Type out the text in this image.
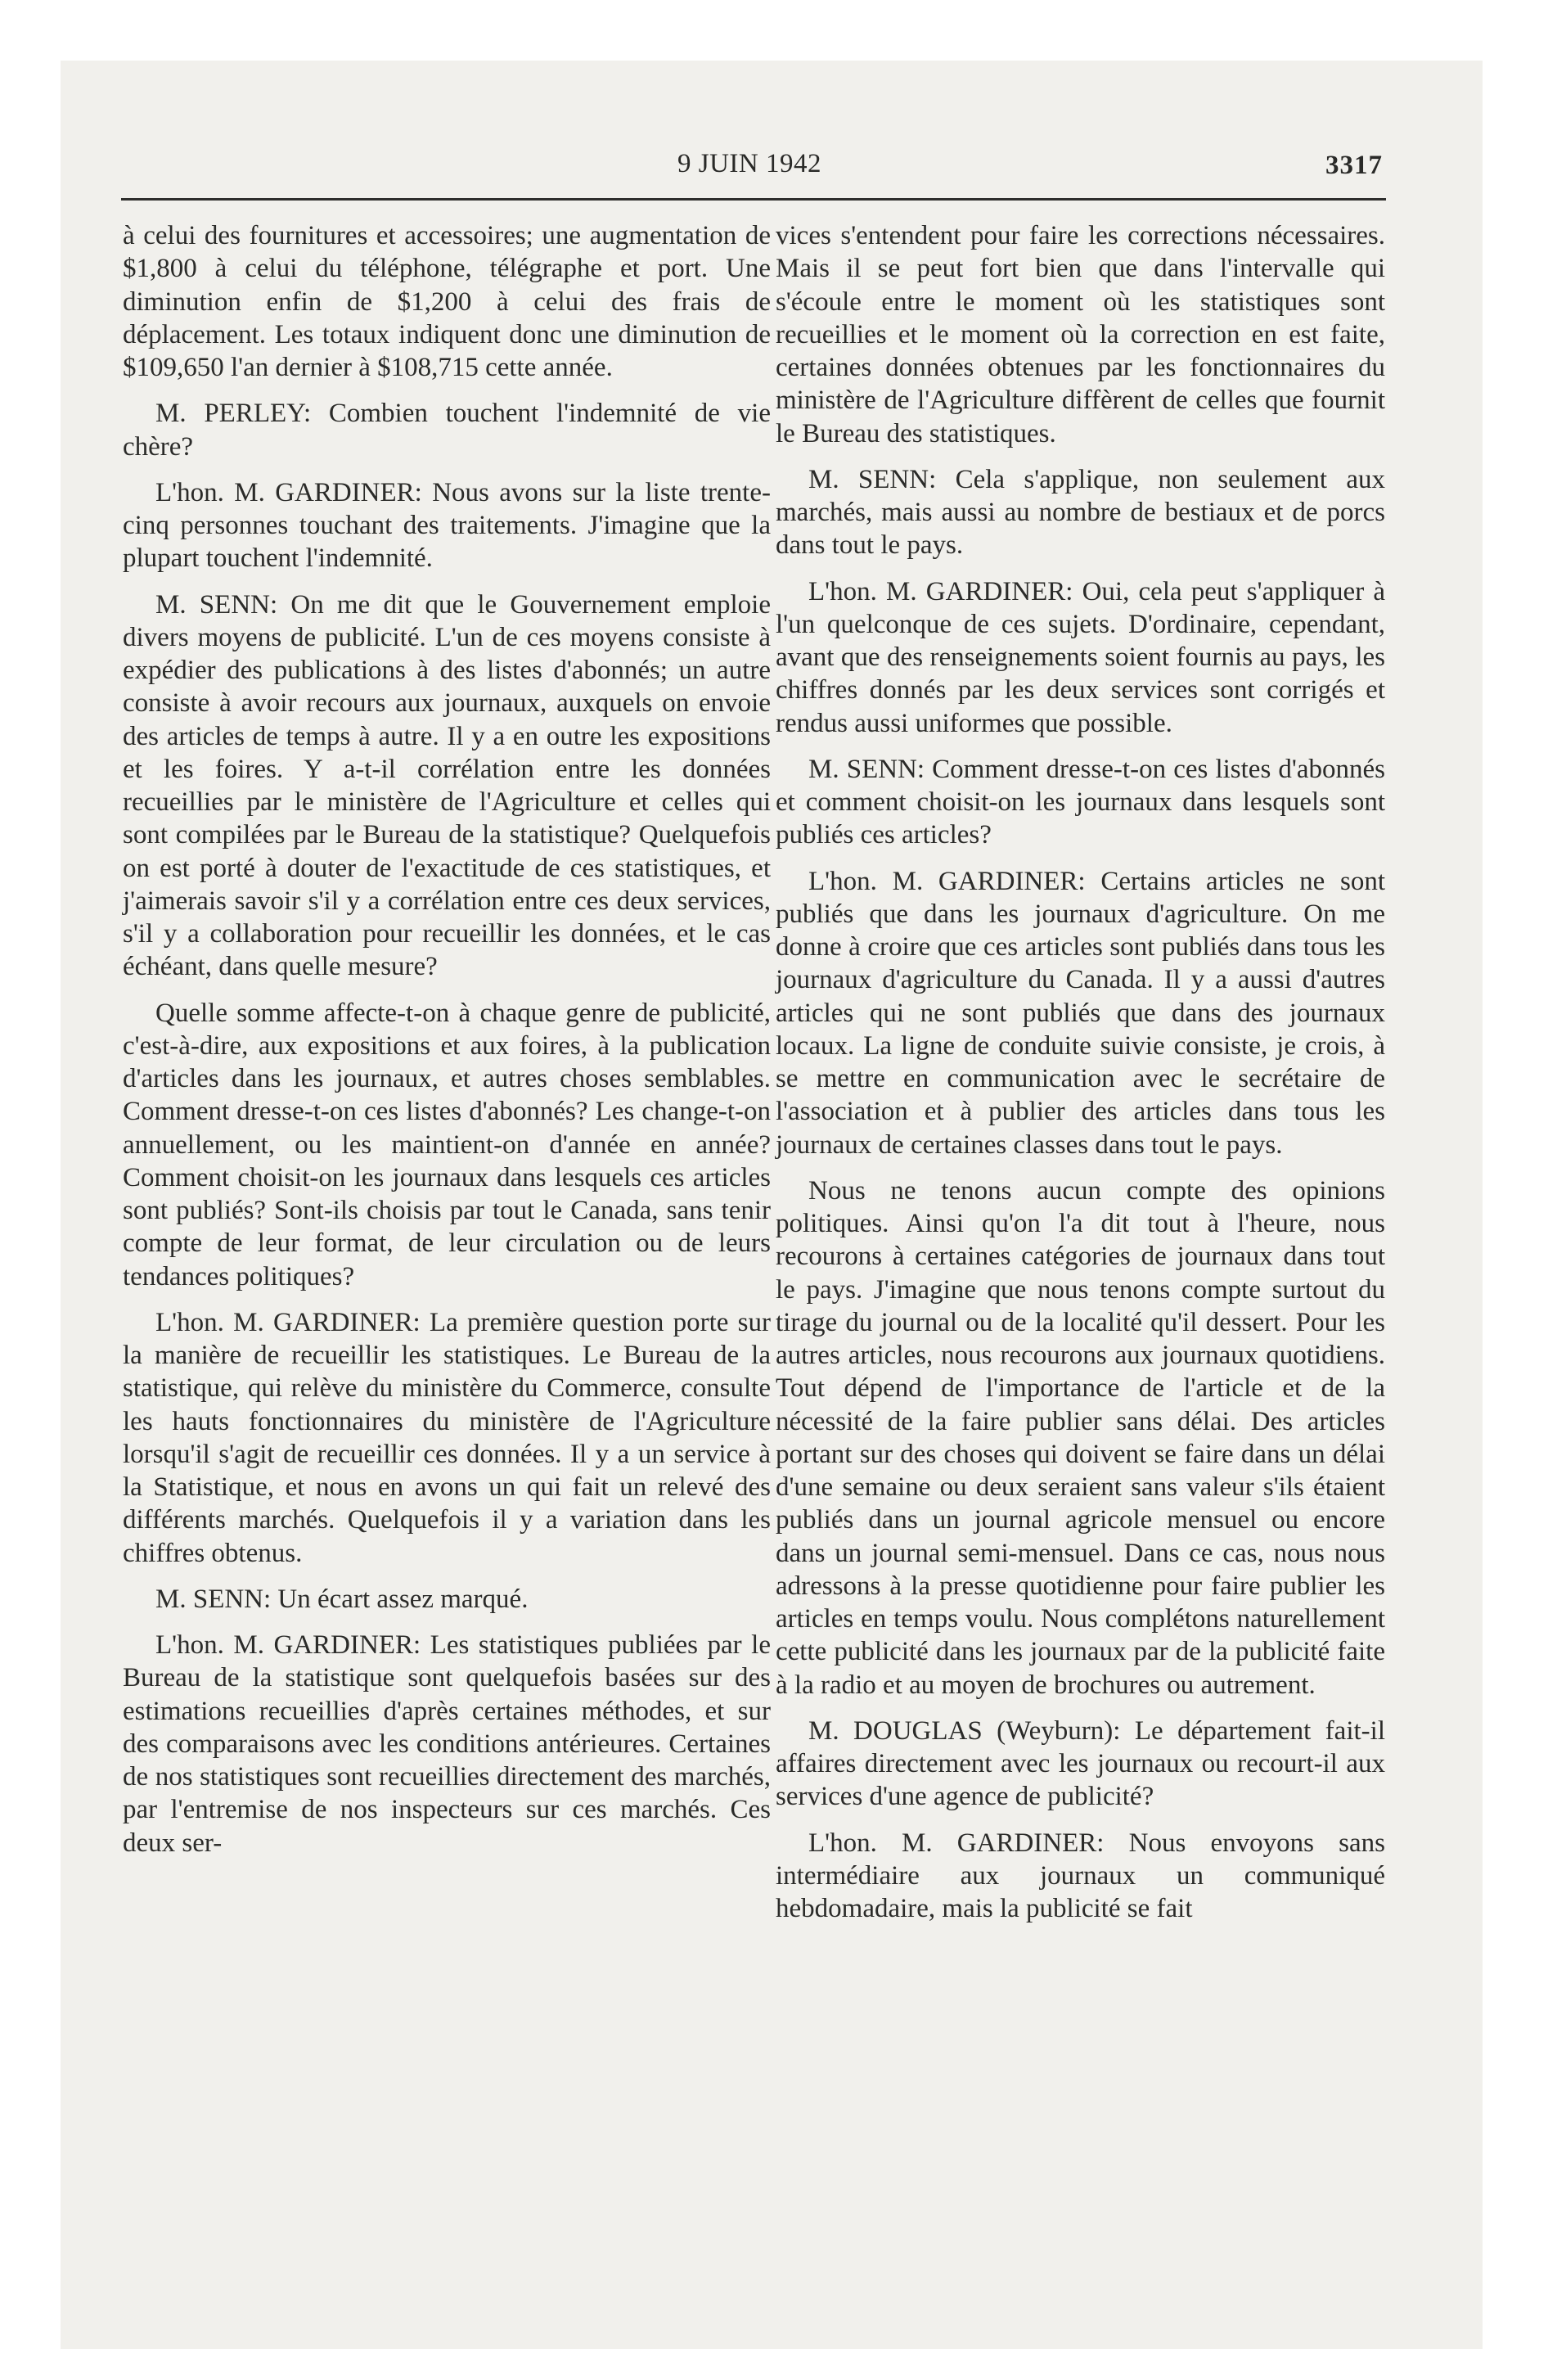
9 JUIN 1942	3317

à celui des fournitures et accessoires; une augmentation de $1,800 à celui du téléphone, télégraphe et port. Une diminution enfin de $1,200 à celui des frais de déplacement. Les totaux indiquent donc une diminution de $109,650 l'an dernier à $108,715 cette année.

M. PERLEY: Combien touchent l'indemnité de vie chère?

L'hon. M. GARDINER: Nous avons sur la liste trente-cinq personnes touchant des traitements. J'imagine que la plupart touchent l'indemnité.

M. SENN: On me dit que le Gouvernement emploie divers moyens de publicité. L'un de ces moyens consiste à expédier des publications à des listes d'abonnés; un autre consiste à avoir recours aux journaux, auxquels on envoie des articles de temps à autre. Il y a en outre les expositions et les foires. Y a-t-il corrélation entre les données recueillies par le ministère de l'Agriculture et celles qui sont compilées par le Bureau de la statistique? Quelquefois on est porté à douter de l'exactitude de ces statistiques, et j'aimerais savoir s'il y a corrélation entre ces deux services, s'il y a collaboration pour recueillir les données, et le cas échéant, dans quelle mesure?

Quelle somme affecte-t-on à chaque genre de publicité, c'est-à-dire, aux expositions et aux foires, à la publication d'articles dans les journaux, et autres choses semblables. Comment dresse-t-on ces listes d'abonnés? Les change-t-on annuellement, ou les maintient-on d'année en année? Comment choisit-on les journaux dans lesquels ces articles sont publiés? Sont-ils choisis par tout le Canada, sans tenir compte de leur format, de leur circulation ou de leurs tendances politiques?

L'hon. M. GARDINER: La première question porte sur la manière de recueillir les statistiques. Le Bureau de la statistique, qui relève du ministère du Commerce, consulte les hauts fonctionnaires du ministère de l'Agriculture lorsqu'il s'agit de recueillir ces données. Il y a un service à la Statistique, et nous en avons un qui fait un relevé des différents marchés. Quelquefois il y a variation dans les chiffres obtenus.

M. SENN: Un écart assez marqué.

L'hon. M. GARDINER: Les statistiques publiées par le Bureau de la statistique sont quelquefois basées sur des estimations recueillies d'après certaines méthodes, et sur des comparaisons avec les conditions antérieures. Certaines de nos statistiques sont recueillies directement des marchés, par l'entremise de nos inspecteurs sur ces marchés. Ces deux ser-

vices s'entendent pour faire les corrections nécessaires. Mais il se peut fort bien que dans l'intervalle qui s'écoule entre le moment où les statistiques sont recueillies et le moment où la correction en est faite, certaines données obtenues par les fonctionnaires du ministère de l'Agriculture diffèrent de celles que fournit le Bureau des statistiques.

M. SENN: Cela s'applique, non seulement aux marchés, mais aussi au nombre de bestiaux et de porcs dans tout le pays.

L'hon. M. GARDINER: Oui, cela peut s'appliquer à l'un quelconque de ces sujets. D'ordinaire, cependant, avant que des renseignements soient fournis au pays, les chiffres donnés par les deux services sont corrigés et rendus aussi uniformes que possible.

M. SENN: Comment dresse-t-on ces listes d'abonnés et comment choisit-on les journaux dans lesquels sont publiés ces articles?

L'hon. M. GARDINER: Certains articles ne sont publiés que dans les journaux d'agriculture. On me donne à croire que ces articles sont publiés dans tous les journaux d'agriculture du Canada. Il y a aussi d'autres articles qui ne sont publiés que dans des journaux locaux. La ligne de conduite suivie consiste, je crois, à se mettre en communication avec le secrétaire de l'association et à publier des articles dans tous les journaux de certaines classes dans tout le pays.

Nous ne tenons aucun compte des opinions politiques. Ainsi qu'on l'a dit tout à l'heure, nous recourons à certaines catégories de journaux dans tout le pays. J'imagine que nous tenons compte surtout du tirage du journal ou de la localité qu'il dessert. Pour les autres articles, nous recourons aux journaux quotidiens. Tout dépend de l'importance de l'article et de la nécessité de la faire publier sans délai. Des articles portant sur des choses qui doivent se faire dans un délai d'une semaine ou deux seraient sans valeur s'ils étaient publiés dans un journal agricole mensuel ou encore dans un journal semi-mensuel. Dans ce cas, nous nous adressons à la presse quotidienne pour faire publier les articles en temps voulu. Nous complétons naturellement cette publicité dans les journaux par de la publicité faite à la radio et au moyen de brochures ou autrement.

M. DOUGLAS (Weyburn): Le département fait-il affaires directement avec les journaux ou recourt-il aux services d'une agence de publicité?

L'hon. M. GARDINER: Nous envoyons sans intermédiaire aux journaux un communiqué hebdomadaire, mais la publicité se fait
